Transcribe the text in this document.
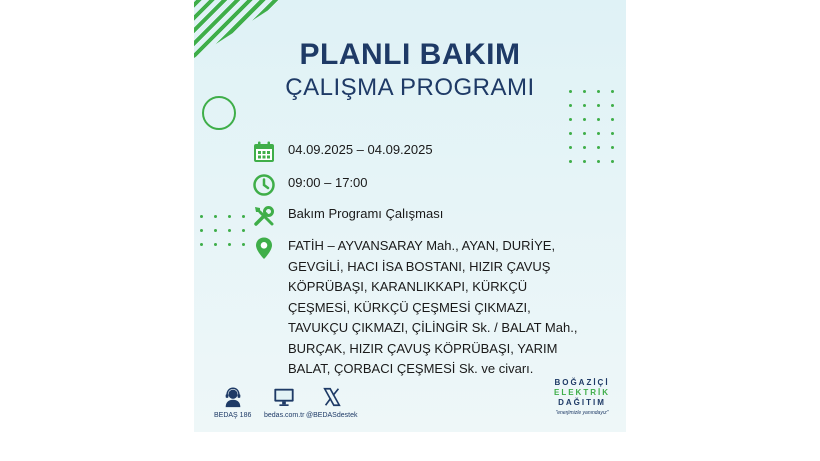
PLANLI BAKIM
ÇALIŞMA PROGRAMI
04.09.2025 – 04.09.2025
09:00 – 17:00
Bakım Programı Çalışması
FATİH – AYVANSARAY Mah., AYAN, DURİYE, GEVGİLİ, HACI İSA BOSTANI, HIZIR ÇAVUŞ KÖPRÜBAŞI, KARANLIKKAPI, KÜRKÇÜ ÇEŞMESİ, KÜRKÇÜ ÇEŞMESİ ÇIKMAZI, TAVUKÇU ÇIKMAZI, ÇİLİNGİR Sk. / BALAT Mah., BURÇAK, HIZIR ÇAVUŞ KÖPRÜBAŞI, YARIM BALAT, ÇORBACI ÇEŞMESİ Sk. ve civarı.
BEDAŞ 186 bedas.com.tr @BEDASdestek
BOĞAZİÇİ
ELEKTRİK
DAĞITIM
"enerjimizle yanındayız"
